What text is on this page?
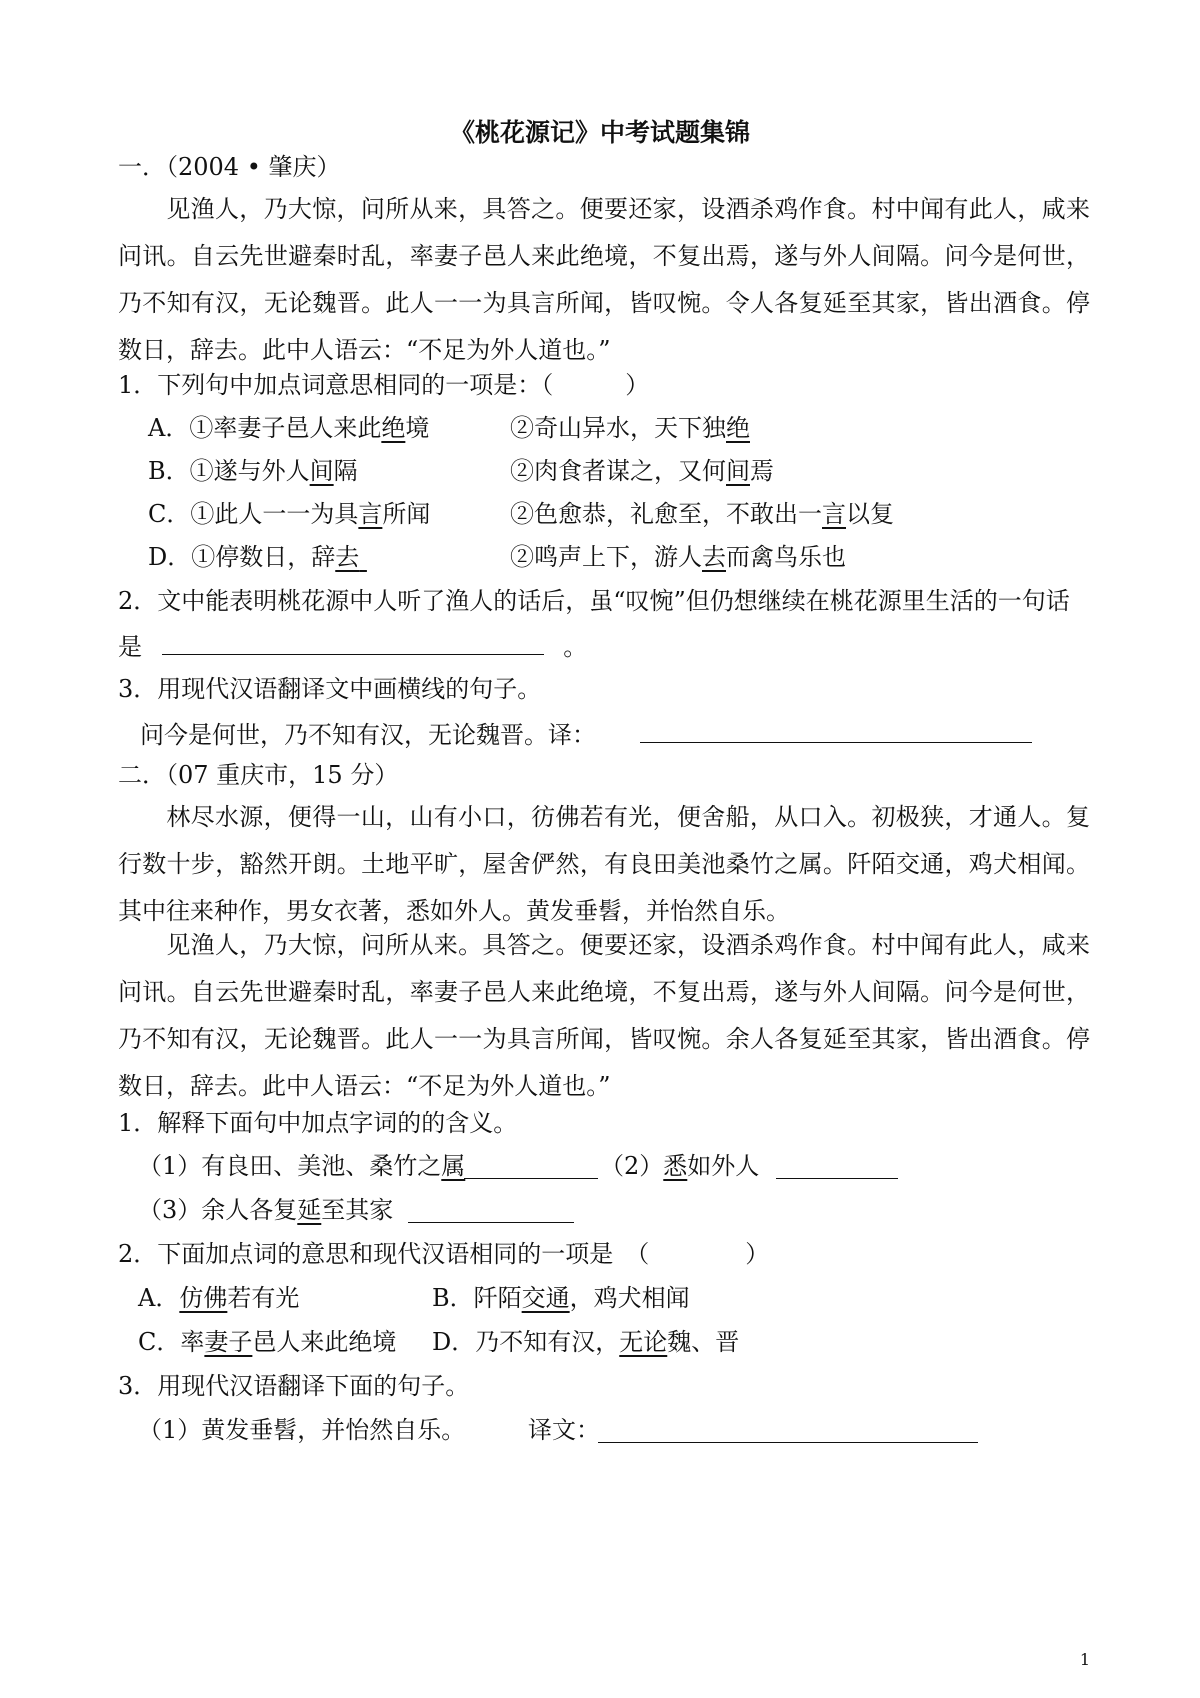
《桃花源记》中考试题集锦
一．（2004 • 肇庆）
见渔人，乃大惊，问所从来，具答之。便要还家，设酒杀鸡作食。村中闻有此人，咸来问讯。自云先世避秦时乱，率妻子邑人来此绝境，不复出焉，遂与外人间隔。问今是何世，乃不知有汉，无论魏晋。此人一一为具言所闻，皆叹惋。令人各复延至其家，皆出酒食。停数日，辞去。此中人语云：“不足为外人道也。”
1．下列句中加点词意思相同的一项是：（　　　）
A．①率妻子邑人来此绝境	②奇山异水，天下独绝
B．①遂与外人间隔	②肉食者谋之，又何间焉
C．①此人一一为具言所闻	②色愈恭，礼愈至，不敢出一言以复
D．①停数日，辞去	②鸣声上下，游人去而禽鸟乐也
2．文中能表明桃花源中人听了渔人的话后，虽“叹惋”但仍想继续在桃花源里生活的一句话
是	。
3．用现代汉语翻译文中画横线的句子。
问今是何世，乃不知有汉，无论魏晋。译：
二．（07 重庆市，15 分）
林尽水源，便得一山，山有小口，彷佛若有光，便舍船，从口入。初极狭，才通人。复行数十步，豁然开朗。土地平旷，屋舍俨然，有良田美池桑竹之属。阡陌交通，鸡犬相闻。其中往来种作，男女衣著，悉如外人。黄发垂髫，并怡然自乐。
见渔人，乃大惊，问所从来。具答之。便要还家，设酒杀鸡作食。村中闻有此人，咸来问讯。自云先世避秦时乱，率妻子邑人来此绝境，不复出焉，遂与外人间隔。问今是何世，乃不知有汉，无论魏晋。此人一一为具言所闻，皆叹惋。余人各复延至其家，皆出酒食。停数日，辞去。此中人语云：“不足为外人道也。”
1．解释下面句中加点字词的的含义。
（1）有良田、美池、桑竹之属	（2）悉如外人
（3）余人各复延至其家
2．下面加点词的意思和现代汉语相同的一项是　（　　　　）
A．仿佛若有光	B．阡陌交通，鸡犬相闻
C．率妻子邑人来此绝境 D．乃不知有汉，无论魏、晋
3．用现代汉语翻译下面的句子。
（1）黄发垂髫，并怡然自乐。	译文：
1
